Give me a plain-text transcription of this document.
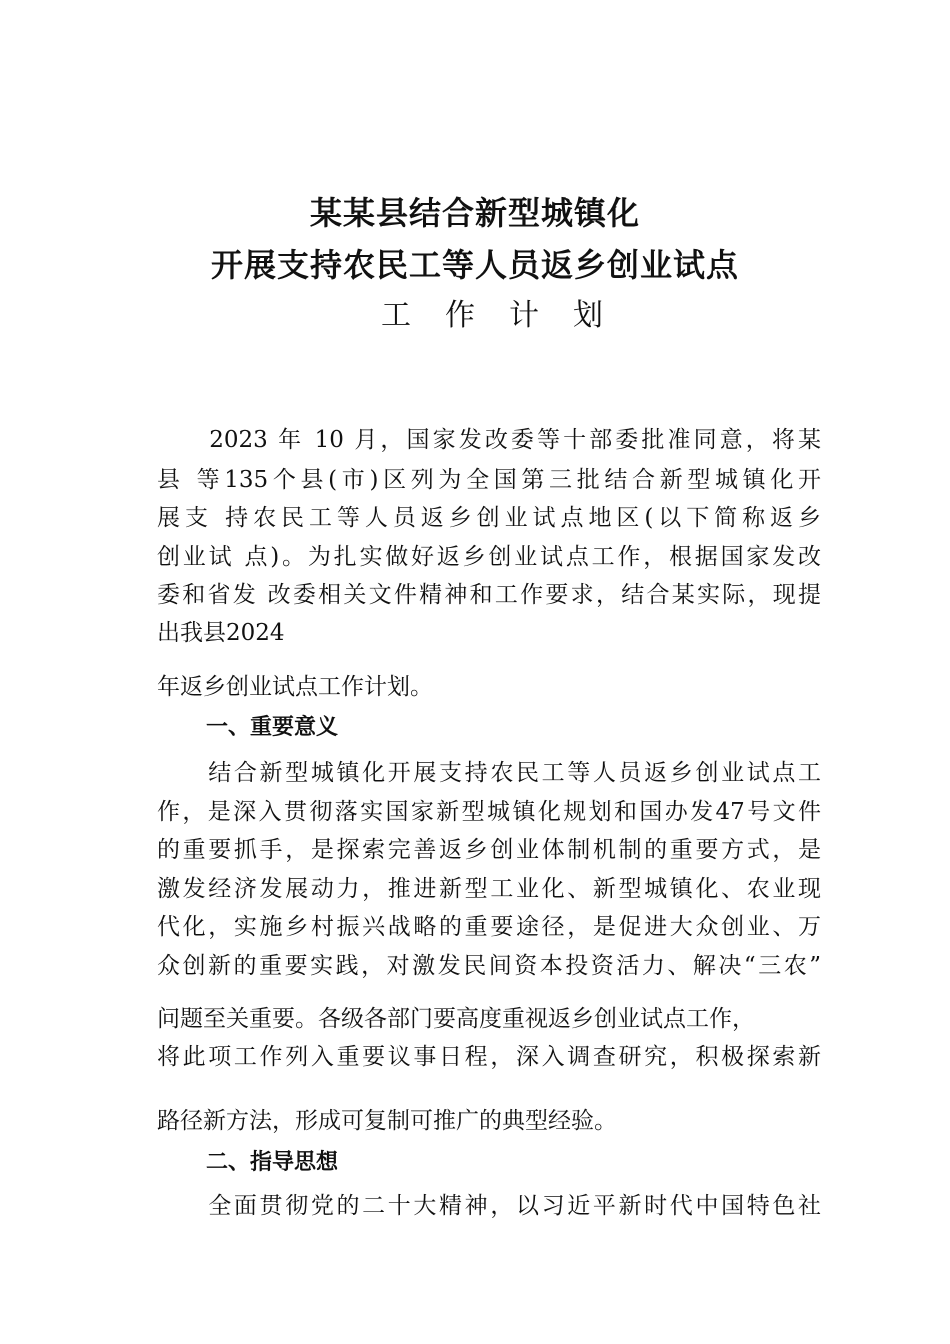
某某县结合新型城镇化
开展支持农民工等人员返乡创业试点
工作计划
　　2023 年 10 月，国家发改委等十部委批准同意，将某
县 等135个县(市)区列为全国第三批结合新型城镇化开
展支 持农民工等人员返乡创业试点地区(以下简称返乡
创业试 点)。为扎实做好返乡创业试点工作，根据国家发改
委和省发 改委相关文件精神和工作要求，结合某实际，现提
出我县2024
年返乡创业试点工作计划。
一、重要意义
　　结合新型城镇化开展支持农民工等人员返乡创业试点工
作，是深入贯彻落实国家新型城镇化规划和国办发47号文件
的重要抓手，是探索完善返乡创业体制机制的重要方式，是
激发经济发展动力，推进新型工业化、新型城镇化、农业现
代化，实施乡村振兴战略的重要途径，是促进大众创业、万
众创新的重要实践，对激发民间资本投资活力、解决“三农”
问题至关重要。各级各部门要高度重视返乡创业试点工作，
将此项工作列入重要议事日程，深入调查研究，积极探索新
路径新方法，形成可复制可推广的典型经验。
二、指导思想
　　全面贯彻党的二十大精神，以习近平新时代中国特色社
